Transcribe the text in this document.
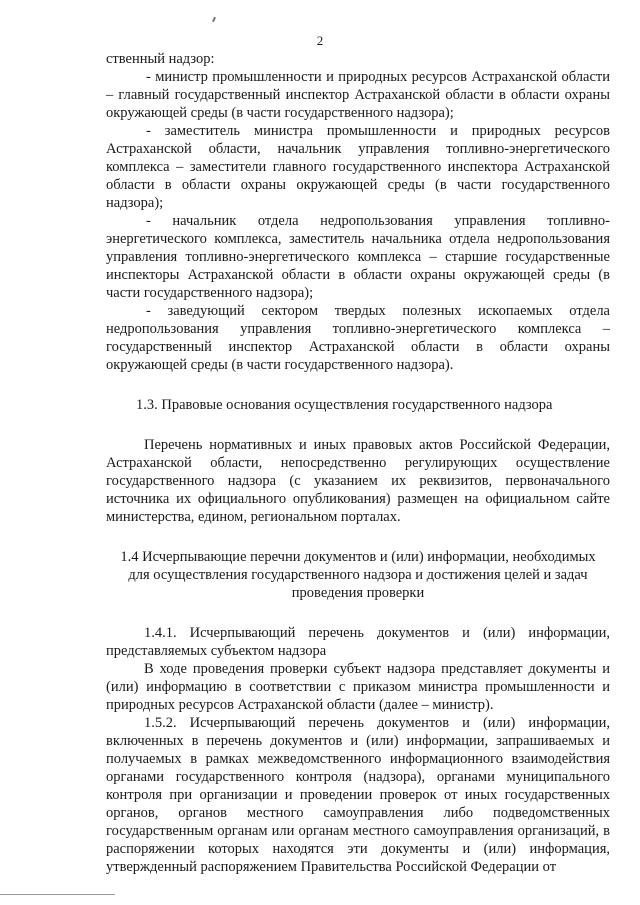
2

ственный надзор:

- министр промышленности и природных ресурсов Астраханской области – главный государственный инспектор Астраханской области в области охраны окружающей среды (в части государственного надзора);

- заместитель министра промышленности и природных ресурсов Астраханской области, начальник управления топливно-энергетического комплекса – заместители главного государственного инспектора Астраханской области в области охраны окружающей среды (в части государственного надзора);

- начальник отдела недропользования управления топливно-энергетического комплекса, заместитель начальника отдела недропользования управления топливно-энергетического комплекса – старшие государственные инспекторы Астраханской области в области охраны окружающей среды (в части государственного надзора);

- заведующий сектором твердых полезных ископаемых отдела недропользования управления топливно-энергетического комплекса – государственный инспектор Астраханской области в области охраны окружающей среды (в части государственного надзора).

1.3. Правовые основания осуществления государственного надзора

Перечень нормативных и иных правовых актов Российской Федерации, Астраханской области, непосредственно регулирующих осуществление государственного надзора (с указанием их реквизитов, первоначального источника их официального опубликования) размещен на официальном сайте министерства, едином, региональном порталах.

1.4 Исчерпывающие перечни документов и (или) информации, необходимых
для осуществления государственного надзора и достижения целей и задач
проведения проверки

1.4.1. Исчерпывающий перечень документов и (или) информации, представляемых субъектом надзора

В ходе проведения проверки субъект надзора представляет документы и (или) информацию в соответствии с приказом министра промышленности и природных ресурсов Астраханской области (далее – министр).

1.5.2. Исчерпывающий перечень документов и (или) информации, включенных в перечень документов и (или) информации, запрашиваемых и получаемых в рамках межведомственного информационного взаимодействия органами государственного контроля (надзора), органами муниципального контроля при организации и проведении проверок от иных государственных органов, органов местного самоуправления либо подведомственных государственным органам или органам местного самоуправления организаций, в распоряжении которых находятся эти документы и (или) информация, утвержденный распоряжением Правительства Российской Федерации от
